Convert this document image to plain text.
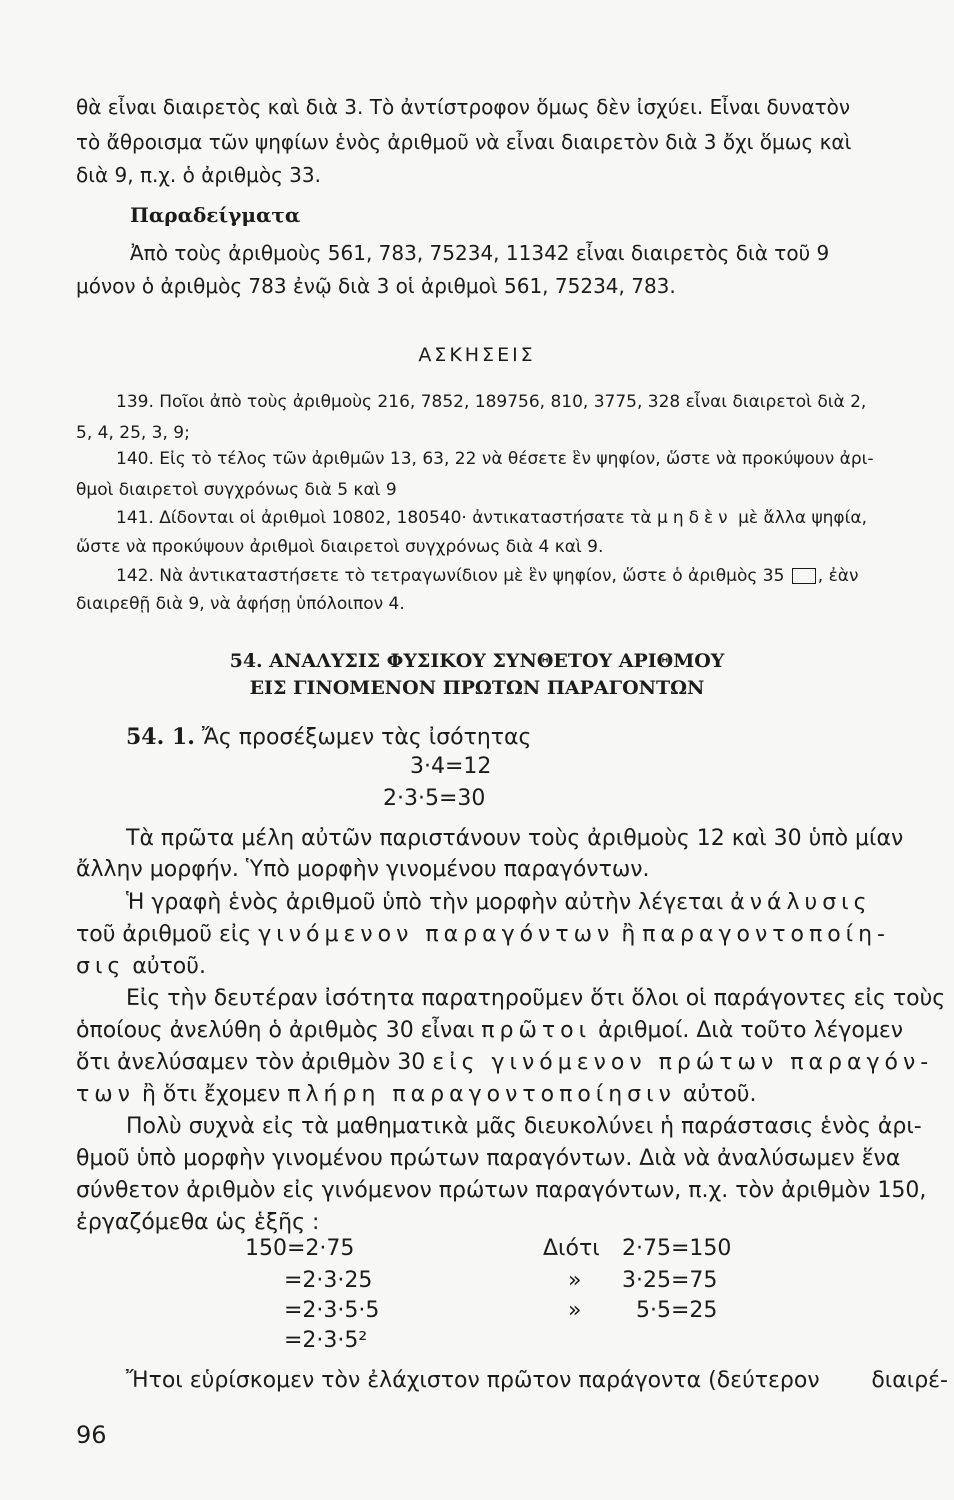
θὰ εἶναι διαιρετὸς καὶ διὰ 3. Τὸ ἀντίστροφον ὅμως δὲν ἰσχύει. Εἶναι δυνατὸν
τὸ ἄθροισμα τῶν ψηφίων ἑνὸς ἀριθμοῦ νὰ εἶναι διαιρετὸν διὰ 3 ὄχι ὅμως καὶ
διὰ 9, π.χ. ὁ ἀριθμὸς 33.
Παραδείγματα
Ἀπὸ τοὺς ἀριθμοὺς 561, 783, 75234, 11342 εἶναι διαιρετὸς διὰ τοῦ 9
μόνον ὁ ἀριθμὸς 783 ἐνῷ διὰ 3 οἱ ἀριθμοὶ 561, 75234, 783.
ΑΣΚΗΣΕΙΣ
139. Ποῖοι ἀπὸ τοὺς ἀριθμοὺς 216, 7852, 189756, 810, 3775, 328 εἶναι διαιρετοὶ διὰ 2,
5, 4, 25, 3, 9;
140. Εἰς τὸ τέλος τῶν ἀριθμῶν 13, 63, 22 νὰ θέσετε ἓν ψηφίον, ὥστε νὰ προκύψουν ἀρι-
θμοὶ διαιρετοὶ συγχρόνως διὰ 5 καὶ 9
141. Δίδονται οἱ ἀριθμοὶ 10802, 180540· ἀντικαταστήσατε τὰ μηδὲν μὲ ἄλλα ψηφία,
ὥστε νὰ προκύψουν ἀριθμοὶ διαιρετοὶ συγχρόνως διὰ 4 καὶ 9.
142. Νὰ ἀντικαταστήσετε τὸ τετραγωνίδιον μὲ ἓν ψηφίον, ὥστε ὁ ἀριθμὸς 35 , ἐὰν
διαιρεθῇ διὰ 9, νὰ ἀφήσῃ ὑπόλοιπον 4.
54. ΑΝΑΛΥΣΙΣ ΦΥΣΙΚΟΥ ΣΥΝΘΕΤΟΥ ΑΡΙΘΜΟΥ
ΕΙΣ ΓΙΝΟΜΕΝΟΝ ΠΡΩΤΩΝ ΠΑΡΑΓΟΝΤΩΝ
54. 1. Ἄς προσέξωμεν τὰς ἰσότητας
3·4=12
2·3·5=30
Τὰ πρῶτα μέλη αὐτῶν παριστάνουν τοὺς ἀριθμοὺς 12 καὶ 30 ὑπὸ μίαν
ἄλλην μορφήν. Ὑπὸ μορφὴν γινομένου παραγόντων.
Ἡ γραφὴ ἑνὸς ἀριθμοῦ ὑπὸ τὴν μορφὴν αὐτὴν λέγεται ἀνάλυσις
τοῦ ἀριθμοῦ εἰς γινόμενον παραγόντων ἢ παραγοντοποίη-
σις αὐτοῦ.
Εἰς τὴν δευτέραν ἰσότητα παρατηροῦμεν ὅτι ὅλοι οἱ παράγοντες εἰς τοὺς
ὁποίους ἀνελύθη ὁ ἀριθμὸς 30 εἶναι πρῶτοι ἀριθμοί. Διὰ τοῦτο λέγομεν
ὅτι ἀνελύσαμεν τὸν ἀριθμὸν 30 εἰς γινόμενον πρώτων παραγόν-
των ἢ ὅτι ἔχομεν πλήρη παραγοντοποίησιν αὐτοῦ.
Πολὺ συχνὰ εἰς τὰ μαθηματικὰ μᾶς διευκολύνει ἡ παράστασις ἑνὸς ἀρι-
θμοῦ ὑπὸ μορφὴν γινομένου πρώτων παραγόντων. Διὰ νὰ ἀναλύσωμεν ἕνα
σύνθετον ἀριθμὸν εἰς γινόμενον πρώτων παραγόντων, π.χ. τὸν ἀριθμὸν 150,
ἐργαζόμεθα ὡς ἑξῆς :
150=2·75
=2·3·25
=2·3·5·5
=2·3·5²
Διότι
»
»
2·75=150
3·25=75
5·5=25
Ἤτοι εὑρίσκομεν τὸν ἐλάχιστον πρῶτον παράγοντα (δεύτερον διαιρέ-
96
